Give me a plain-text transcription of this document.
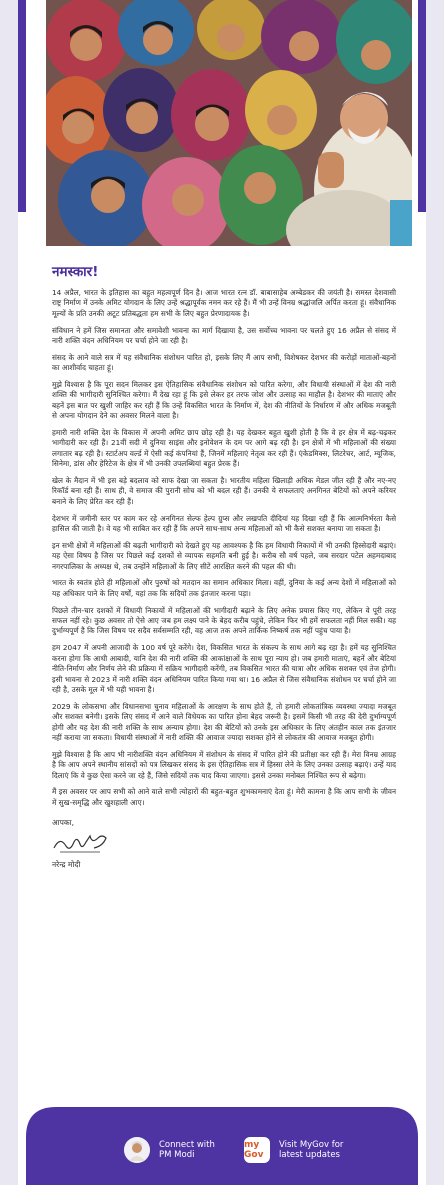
नमस्कार!

14 अप्रैल, भारत के इतिहास का बहुत महत्वपूर्ण दिन है। आज भारत रत्न डॉ. बाबासाहेब अम्बेडकर की जयंती है। समस्त देशवासी राष्ट्र निर्माण में उनके अमिट योगदान के लिए उन्हें श्रद्धापूर्वक नमन कर रहे हैं। मैं भी उन्हें विनम्र श्रद्धांजलि अर्पित करता हूं। संवैधानिक मूल्यों के प्रति उनकी अटूट प्रतिबद्धता हम सभी के लिए बहुत प्रेरणादायक है।

संविधान ने हमें जिस समानता और समावेशी भावना का मार्ग दिखाया है, उस सर्वोच्च भावना पर चलते हुए 16 अप्रैल से संसद में नारी शक्ति वंदन अधिनियम पर चर्चा होने जा रही है।

संसद के आने वाले सत्र में यह संवैधानिक संशोधन पारित हो, इसके लिए मैं आप सभी, विशेषकर देशभर की करोड़ों माताओं-बहनों का आशीर्वाद चाहता हूं।

मुझे विश्वास है कि पूरा सदन मिलकर इस ऐतिहासिक संवैधानिक संशोधन को पारित करेगा, और विधायी संस्थाओं में देश की नारी शक्ति की भागीदारी सुनिश्चित करेगा। मैं देख रहा हूं कि इसे लेकर हर तरफ जोश और उत्साह का माहौल है। देशभर की माताएं और बहनें इस बात पर खुशी जाहिर कर रही हैं कि उन्हें विकसित भारत के निर्माण में, देश की नीतियों के निर्धारण में और अधिक मजबूती से अपना योगदान देने का अवसर मिलने वाला है।

हमारी नारी शक्ति देश के विकास में अपनी अमिट छाप छोड़ रही है। यह देखकर बहुत खुशी होती है कि वे हर क्षेत्र में बढ़-चढ़कर भागीदारी कर रही हैं। 21वीं सदी में दुनिया साइंस और इनोवेशन के दम पर आगे बढ़ रही है। इन क्षेत्रों में भी महिलाओं की संख्या लगातार बढ़ रही है। स्टार्टअप वर्ल्ड में ऐसी कई कंपनियां हैं, जिनमें महिलाएं नेतृत्व कर रही हैं। एंकेडमिक्स, लिटरेचर, आर्ट, म्यूजिक, सिनेमा, डांस और हेरिटेज के क्षेत्र में भी उनकी उपलब्धियां बहुत प्रेरक हैं।

खेल के मैदान में भी इस बड़े बदलाव को साफ देखा जा सकता है। भारतीय महिला खिलाड़ी अधिक मेडल जीत रही हैं और नए-नए रिकॉर्ड बना रही हैं। साथ ही, वे समाज की पुरानी सोच को भी बदल रही हैं। उनकी ये सफलताएं अनगिनत बेटियों को अपने करियर बनाने के लिए प्रेरित कर रही हैं।

देशभर में जमीनी स्तर पर काम कर रहे अनगिनत सेल्फ हेल्प ग्रुप्स और लखपति दीदियां यह दिखा रही हैं कि आत्मनिर्भरता कैसे हासिल की जाती है। वे यह भी साबित कर रही हैं कि अपने साथ-साथ अन्य महिलाओं को भी कैसे सशक्त बनाया जा सकता है।

इन सभी क्षेत्रों में महिलाओं की बढ़ती भागीदारी को देखते हुए यह आवश्यक है कि हम विधायी निकायों में भी उनकी हिस्सेदारी बढ़ाएं। यह ऐसा विषय है जिस पर पिछले कई दशकों से व्यापक सहमति बनी हुई है। करीब सौ वर्ष पहले, जब सरदार पटेल अहमदाबाद नगरपालिका के अध्यक्ष थे, तब उन्होंने महिलाओं के लिए सीटें आरक्षित करने की पहल की थी।

भारत के स्वतंत्र होते ही महिलाओं और पुरुषों को मतदान का समान अधिकार मिला। वहीं, दुनिया के कई अन्य देशों में महिलाओं को यह अधिकार पाने के लिए वर्षों, यहां तक कि सदियों तक इंतजार करना पड़ा।

पिछले तीन-चार दशकों में विधायी निकायों में महिलाओं की भागीदारी बढ़ाने के लिए अनेक प्रयास किए गए, लेकिन वे पूरी तरह सफल नहीं रहे। कुछ अवसर तो ऐसे आए जब हम लक्ष्य पाने के बेहद करीब पहुंचे, लेकिन फिर भी हमें सफलता नहीं मिल सकी। यह दुर्भाग्यपूर्ण है कि जिस विषय पर सदैव सर्वसम्मति रही, वह आज तक अपने तार्किक निष्कर्ष तक नहीं पहुंच पाया है।

हम 2047 में अपनी आजादी के 100 वर्ष पूरे करेंगे। देश, विकसित भारत के संकल्प के साथ आगे बढ़ रहा है। हमें यह सुनिश्चित करना होगा कि आधी आबादी, यानि देश की नारी शक्ति की आकांक्षाओं के साथ पूरा न्याय हो। जब हमारी माताएं, बहनें और बेटियां नीति-निर्माण और निर्णय लेने की प्रक्रिया में सक्रिय भागीदारी करेंगी, तब विकसित भारत की यात्रा और अधिक सशक्त एवं तेज होगी। इसी भावना से 2023 में नारी शक्ति वंदन अधिनियम पारित किया गया था। 16 अप्रैल से जिस संवैधानिक संशोधन पर चर्चा होने जा रही है, उसके मूल में भी यही भावना है।

2029 के लोकसभा और विधानसभा चुनाव महिलाओं के आरक्षण के साथ होते हैं, तो हमारी लोकतांत्रिक व्यवस्था ज्यादा मजबूत और सशक्त बनेगी। इसके लिए संसद में आने वाले विधेयक का पारित होना बेहद जरूरी है। इसमें किसी भी तरह की देरी दुर्भाग्यपूर्ण होगी और यह देश की नारी शक्ति के साथ अन्याय होगा। देश की बेटियों को उनके इस अधिकार के लिए अंतहीन काल तक इंतजार नहीं कराया जा सकता। विधायी संस्थाओं में नारी शक्ति की आवाज ज्यादा सशक्त होने से लोकतंत्र की आवाज मजबूत होगी।

मुझे विश्वास है कि आप भी नारीशक्ति वंदन अधिनियम में संशोधन के संसद में पारित होने की प्रतीक्षा कर रही हैं। मेरा विनम्र आग्रह है कि आप अपने स्थानीय सांसदों को पत्र लिखकर संसद के इस ऐतिहासिक सत्र में हिस्सा लेने के लिए उनका उत्साह बढ़ाएं। उन्हें याद दिलाएं कि वे कुछ ऐसा करने जा रहे हैं, जिसे सदियों तक याद किया जाएगा। इससे उनका मनोबल निश्चित रूप से बढ़ेगा।

मैं इस अवसर पर आप सभी को आने वाले सभी त्योहारों की बहुत-बहुत शुभकामनाएं देता हूं। मेरी कामना है कि आप सभी के जीवन में सुख-समृद्धि और खुशहाली आए।

आपका,
नरेन्द्र मोदी
Connect with
PM Modi
my Gov
Visit MyGov for
latest updates
